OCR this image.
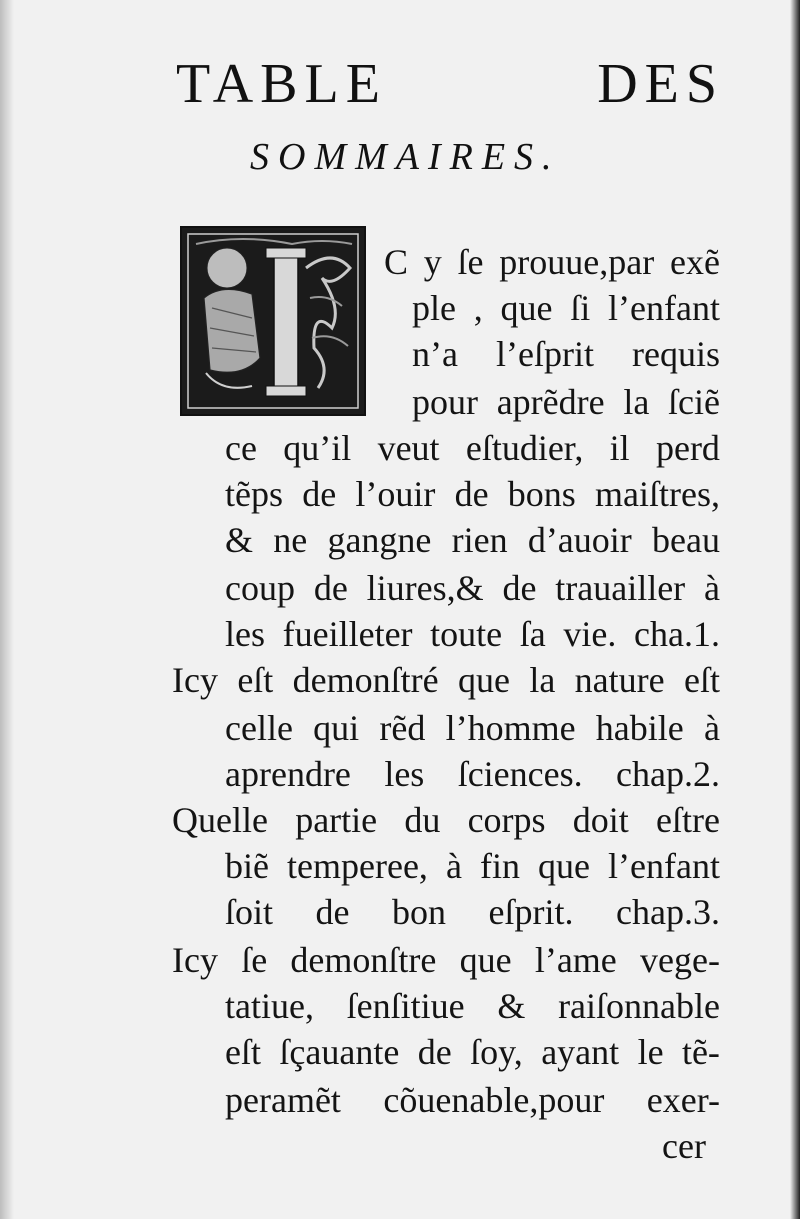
TABLE	DES
SOMMAIRES.
C y ſe prouue,par exẽ
ple , que ſi l’enfant
n’a l’eſprit requis
pour aprẽdre la ſciẽ
ce qu’il veut eſtudier, il perd
tẽps de l’ouir de bons maiſtres,
& ne gangne rien d’auoir beau
coup de liures,& de trauailler à
les fueilleter toute ſa vie. cha.1.
Icy eſt demonſtré que la nature eſt
celle qui rẽd l’homme habile à
aprendre les ſciences. chap.2.
Quelle partie du corps doit eſtre
biẽ temperee, à fin que l’enfant
ſoit de bon eſprit. chap.3.
Icy ſe demonſtre que l’ame vege-
tatiue, ſenſitiue & raiſonnable
eſt ſçauante de ſoy, ayant le tẽ-
peramẽt cõuenable,pour exer-
cer
